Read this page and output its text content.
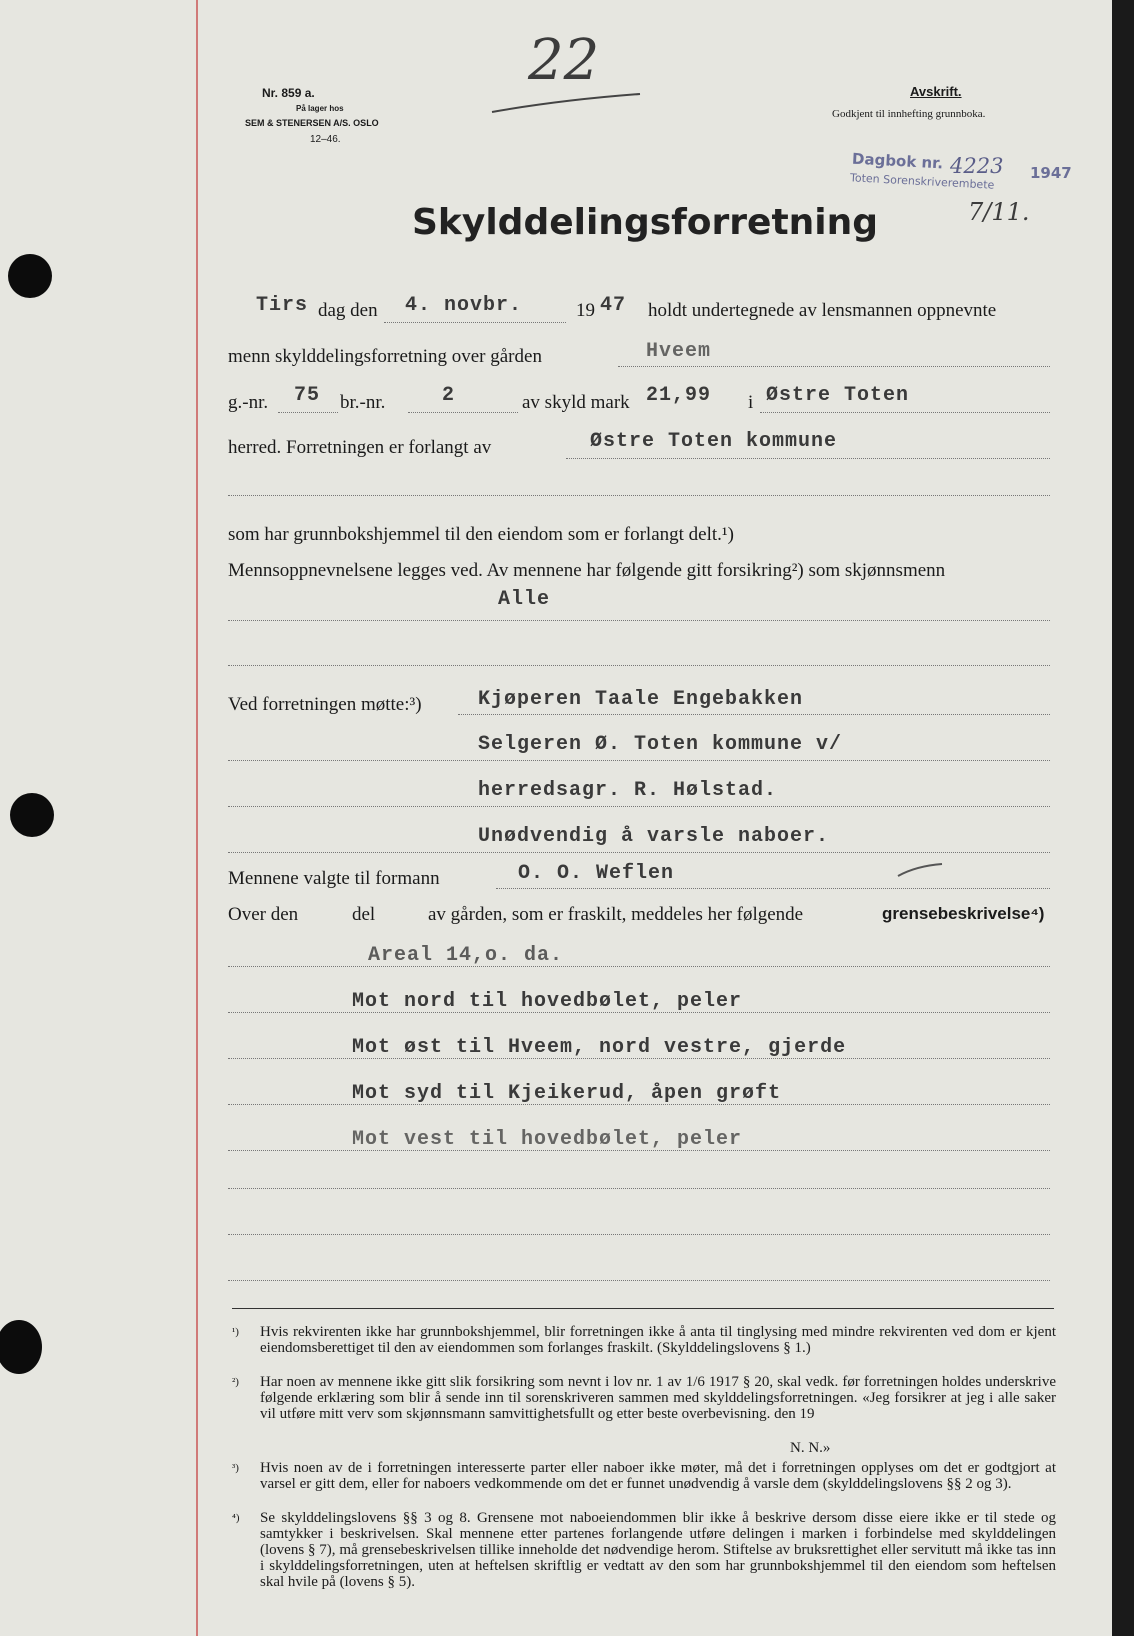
Nr. 859 a.
På lager hos
SEM & STENERSEN A/S. OSLO
12–46.
22	Avskrift.
Godkjent til innhefting grunnboka.
Dagbok nr. 4223 1947
Toten Sorenskriverembete
7/11.
Skylddelingsforretning
Tirs dag den 4. novbr.	19 47 holdt undertegnede av lensmannen oppnevnte
menn skylddelingsforretning over gården	Hveem
g.-nr. 75 br.-nr.	2	av skyld mark 21,99 i Østre Toten
herred. Forretningen er forlangt av	Østre Toten kommune
som har grunnbokshjemmel til den eiendom som er forlangt delt.¹)
Mennsoppnevnelsene legges ved. Av mennene har følgende gitt forsikring²) som skjønnsmenn
Alle
Ved forretningen møtte:³)	Kjøperen Taale Engebakken
Selgeren Ø. Toten kommune v/
herredsagr. R. Hølstad.
Unødvendig å varsle naboer.
Mennene valgte til formann	O. O. Weflen
Over den	del	av gården, som er fraskilt, meddeles her følgende	grensebeskrivelse⁴)
Areal 14,o. da.
Mot nord til hovedbølet, peler
Mot øst til Hveem, nord vestre, gjerde
Mot syd til Kjeikerud, åpen grøft
Mot vest til hovedbølet, peler
¹) Hvis rekvirenten ikke har grunnbokshjemmel, blir forretningen ikke å anta til tinglysing med mindre rekvirenten ved dom er kjent eiendomsberettiget til den av eiendommen som forlanges fraskilt. (Skylddelingslovens § 1.)
²) Har noen av mennene ikke gitt slik forsikring som nevnt i lov nr. 1 av 1/6 1917 § 20, skal vedk. før forretningen holdes underskrive følgende erklæring som blir å sende inn til sorenskriveren sammen med skylddelingsforretningen. «Jeg forsikrer at jeg i alle saker vil utføre mitt verv som skjønnsmann samvittighetsfullt og etter beste overbevisning. den 19
N. N.»
³) Hvis noen av de i forretningen interesserte parter eller naboer ikke møter, må det i forretningen opplyses om det er godtgjort at varsel er gitt dem, eller for naboers vedkommende om det er funnet unødvendig å varsle dem (skylddelingslovens §§ 2 og 3).
⁴) Se skylddelingslovens §§ 3 og 8. Grensene mot naboeiendommen blir ikke å beskrive dersom disse eiere ikke er til stede og samtykker i beskrivelsen. Skal mennene etter partenes forlangende utføre delingen i marken i forbindelse med skylddelingen (lovens § 7), må grensebeskrivelsen tillike inneholde det nødvendige herom. Stiftelse av bruksrettighet eller servitutt må ikke tas inn i skylddelingsforretningen, uten at heftelsen skriftlig er vedtatt av den som har grunnbokshjemmel til den eiendom som heftelsen skal hvile på (lovens § 5).
